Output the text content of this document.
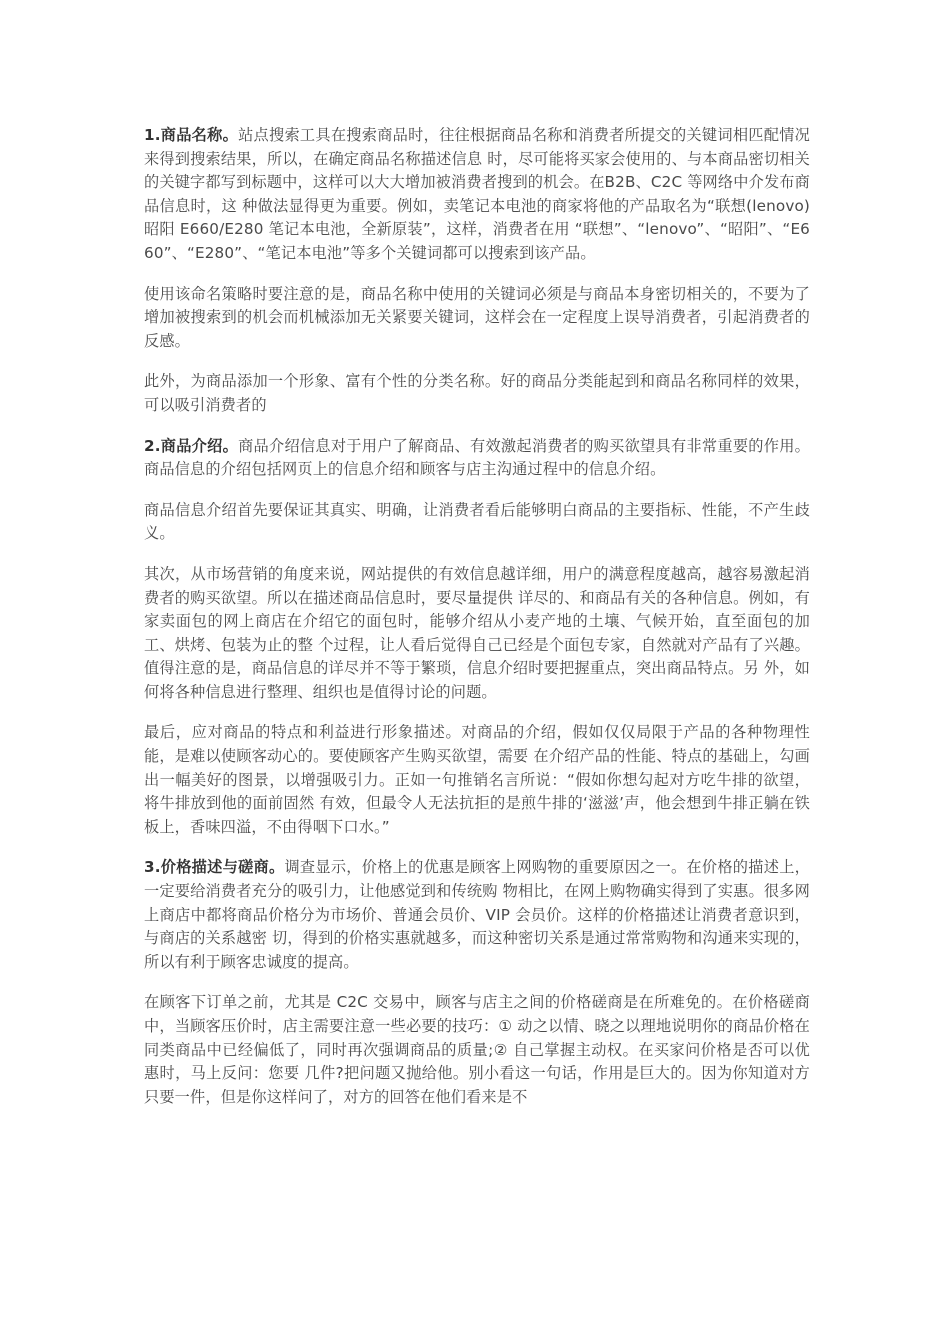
1.商品名称。站点搜索工具在搜索商品时，往往根据商品名称和消费者所提交的关键词相匹配情况来得到搜索结果，所以，在确定商品名称描述信息 时，尽可能将买家会使用的、与本商品密切相关的关键字都写到标题中，这样可以大大增加被消费者搜到的机会。在B2B、C2C 等网络中介发布商品信息时，这 种做法显得更为重要。例如，卖笔记本电池的商家将他的产品取名为“联想(lenovo)昭阳 E660/E280 笔记本电池，全新原装”，这样，消费者在用 “联想”、“lenovo”、“昭阳”、“E660”、“E280”、“笔记本电池”等多个关键词都可以搜索到该产品。

使用该命名策略时要注意的是，商品名称中使用的关键词必须是与商品本身密切相关的，不要为了增加被搜索到的机会而机械添加无关紧要关键词，这样会在一定程度上误导消费者，引起消费者的反感。

此外，为商品添加一个形象、富有个性的分类名称。好的商品分类能起到和商品名称同样的效果，可以吸引消费者的

2.商品介绍。商品介绍信息对于用户了解商品、有效激起消费者的购买欲望具有非常重要的作用。商品信息的介绍包括网页上的信息介绍和顾客与店主沟通过程中的信息介绍。

商品信息介绍首先要保证其真实、明确，让消费者看后能够明白商品的主要指标、性能，不产生歧义。

其次，从市场营销的角度来说，网站提供的有效信息越详细，用户的满意程度越高，越容易激起消费者的购买欲望。所以在描述商品信息时，要尽量提供 详尽的、和商品有关的各种信息。例如，有家卖面包的网上商店在介绍它的面包时，能够介绍从小麦产地的土壤、气候开始，直至面包的加工、烘烤、包装为止的整 个过程，让人看后觉得自己已经是个面包专家，自然就对产品有了兴趣。值得注意的是，商品信息的详尽并不等于繁琐，信息介绍时要把握重点，突出商品特点。另 外，如何将各种信息进行整理、组织也是值得讨论的问题。

最后，应对商品的特点和利益进行形象描述。对商品的介绍，假如仅仅局限于产品的各种物理性能，是难以使顾客动心的。要使顾客产生购买欲望，需要 在介绍产品的性能、特点的基础上，勾画出一幅美好的图景，以增强吸引力。正如一句推销名言所说：“假如你想勾起对方吃牛排的欲望，将牛排放到他的面前固然 有效，但最令人无法抗拒的是煎牛排的‘滋滋’声，他会想到牛排正躺在铁板上，香味四溢，不由得咽下口水。”

3.价格描述与磋商。调查显示，价格上的优惠是顾客上网购物的重要原因之一。在价格的描述上，一定要给消费者充分的吸引力，让他感觉到和传统购 物相比，在网上购物确实得到了实惠。很多网上商店中都将商品价格分为市场价、普通会员价、VIP 会员价。这样的价格描述让消费者意识到，与商店的关系越密 切，得到的价格实惠就越多，而这种密切关系是通过常常购物和沟通来实现的，所以有利于顾客忠诚度的提高。

在顾客下订单之前，尤其是 C2C 交易中，顾客与店主之间的价格磋商是在所难免的。在价格磋商中，当顾客压价时，店主需要注意一些必要的技巧：① 动之以情、晓之以理地说明你的商品价格在同类商品中已经偏低了，同时再次强调商品的质量;② 自己掌握主动权。在买家问价格是否可以优惠时，马上反问：您要 几件?把问题又抛给他。别小看这一句话，作用是巨大的。因为你知道对方只要一件，但是你这样问了，对方的回答在他们看来是不
